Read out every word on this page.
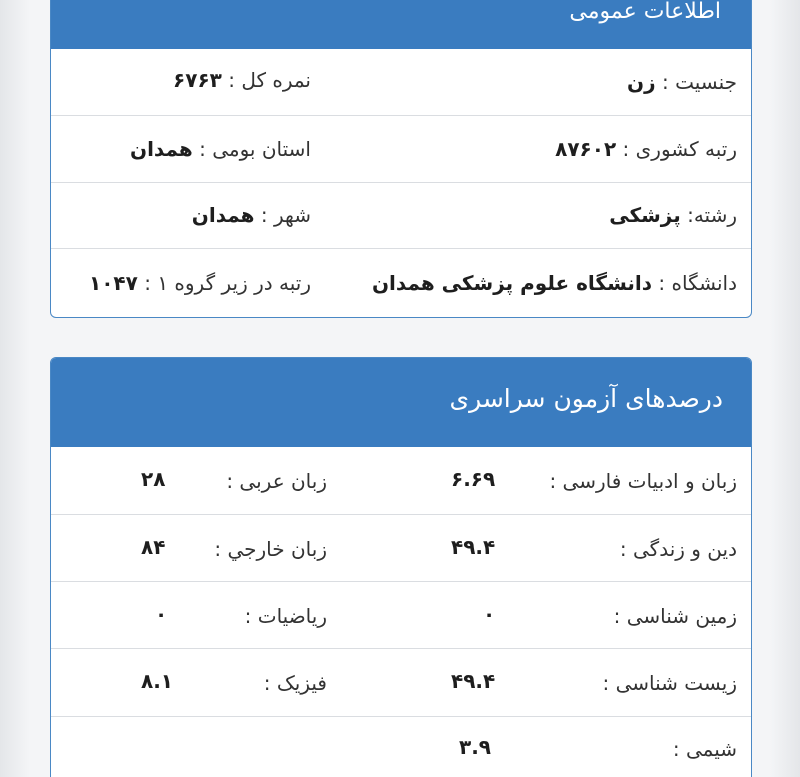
اطلاعات عمومی
جنسیت : زن
نمره کل : ۶۷۶۳
رتبه کشوری : ۸۷۶۰۲
استان بومی : همدان
رشته: پزشکی
شهر : همدان
دانشگاه : دانشگاه علوم پزشکی همدان
رتبه در زیر گروه ۱ : ۱۰۴۷
درصدهای آزمون سراسری
زبان و ادبیات فارسی :
۶.۶۹
زبان عربی :
۲۸
دین و زندگی :
۴۹.۴
زبان خارجي :
۸۴
زمین شناسی :
۰
ریاضیات :
۰
زیست شناسی :
۴۹.۴
فیزیک :
۸.۱
شیمی :
۳.۹
